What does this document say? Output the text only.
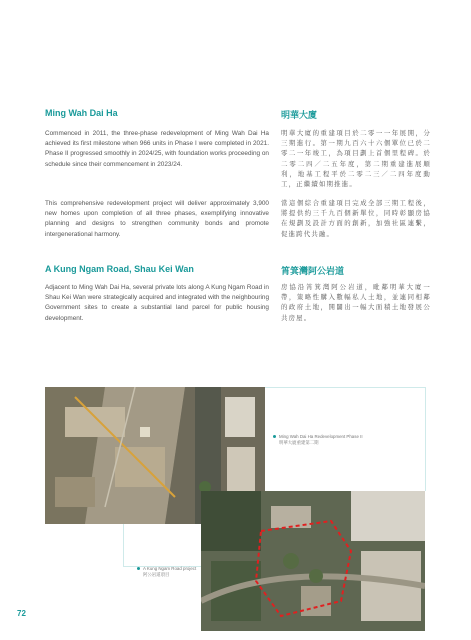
Ming Wah Dai Ha
Commenced in 2011, the three-phase redevelopment of Ming Wah Dai Ha achieved its first milestone when 966 units in Phase I were completed in 2021. Phase II progressed smoothly in 2024/25, with foundation works proceeding on schedule since their commencement in 2023/24.
This comprehensive redevelopment project will deliver approximately 3,900 new homes upon completion of all three phases, exemplifying innovative planning and designs to strengthen community bonds and promote intergenerational harmony.
A Kung Ngam Road, Shau Kei Wan
Adjacent to Ming Wah Dai Ha, several private lots along A Kung Ngam Road in Shau Kei Wan were strategically acquired and integrated with the neighbouring Government sites to create a substantial land parcel for public housing development.
明華大廈
明華大廈的重建項目於二零一一年展開，分三期進行。第一期九百六十六個單位已於二零二一年竣工，為項目劃上首個里程碑。於二零二四／二五年度，第二期重建進展順利，地基工程平於二零二三／二四年度動工，正繼續如期推進。
當這個綜合重建項目完成全部三期工程後，將提供約三千九百個新單位，同時彰顯房協在規劃及設計方面的創新，加強社區連繫，促進跨代共融。
筲箕灣阿公岩道
房協沿筲箕灣阿公岩道，毗鄰明華大廈一帶，策略性購入數幅私人土地，並連同相鄰的政府土地，開闢出一幅大面積土地發展公共房屋。
Ming Wah Dai Ha Redevelopment Phase II
明華大廈重建第二期
A Kung Ngam Road project
阿公岩道項目
72
